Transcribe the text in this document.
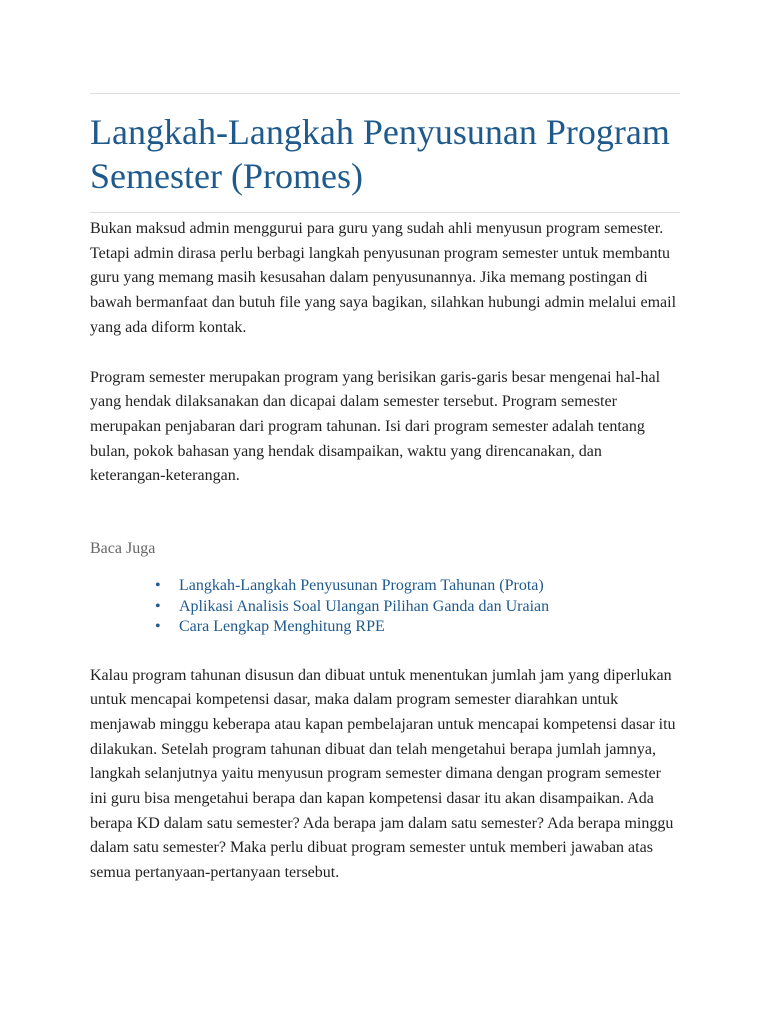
Langkah-Langkah Penyusunan Program Semester (Promes)

Bukan maksud admin menggurui para guru yang sudah ahli menyusun program semester. Tetapi admin dirasa perlu berbagi langkah penyusunan program semester untuk membantu guru yang memang masih kesusahan dalam penyusunannya. Jika memang postingan di bawah bermanfaat dan butuh file yang saya bagikan, silahkan hubungi admin melalui email yang ada diform kontak.

Program semester merupakan program yang berisikan garis-garis besar mengenai hal-hal yang hendak dilaksanakan dan dicapai dalam semester tersebut. Program semester merupakan penjabaran dari program tahunan. Isi dari program semester adalah tentang bulan, pokok bahasan yang hendak disampaikan, waktu yang direncanakan, dan keterangan-keterangan.

Baca Juga
• Langkah-Langkah Penyusunan Program Tahunan (Prota)
• Aplikasi Analisis Soal Ulangan Pilihan Ganda dan Uraian
• Cara Lengkap Menghitung RPE

Kalau program tahunan disusun dan dibuat untuk menentukan jumlah jam yang diperlukan untuk mencapai kompetensi dasar, maka dalam program semester diarahkan untuk menjawab minggu keberapa atau kapan pembelajaran untuk mencapai kompetensi dasar itu dilakukan. Setelah program tahunan dibuat dan telah mengetahui berapa jumlah jamnya, langkah selanjutnya yaitu menyusun program semester dimana dengan program semester ini guru bisa mengetahui berapa dan kapan kompetensi dasar itu akan disampaikan. Ada berapa KD dalam satu semester? Ada berapa jam dalam satu semester? Ada berapa minggu dalam satu semester? Maka perlu dibuat program semester untuk memberi jawaban atas semua pertanyaan-pertanyaan tersebut.
